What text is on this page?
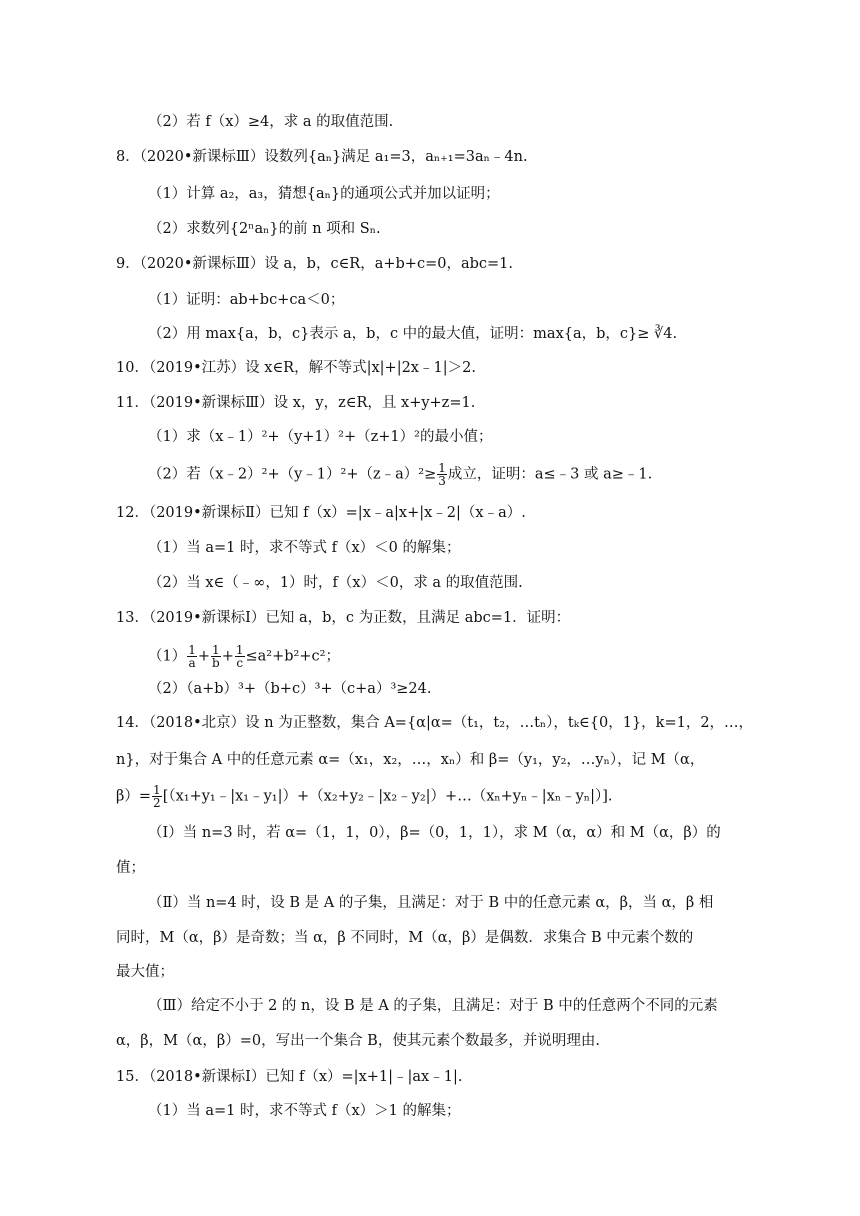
（2）若 f（x）≥4，求 a 的取值范围.
8．（2020•新课标Ⅲ）设数列{aₙ}满足 a₁=3，aₙ₊₁=3aₙ﹣4n.
（1）计算 a₂，a₃，猜想{aₙ}的通项公式并加以证明；
（2）求数列{2ⁿaₙ}的前 n 项和 Sₙ.
9．（2020•新课标Ⅲ）设 a，b，c∈R，a+b+c=0，abc=1.
（1）证明：ab+bc+ca＜0；
（2）用 max{a，b，c}表示 a，b，c 中的最大值，证明：max{a，b，c}≥ ∛4.
10．（2019•江苏）设 x∈R，解不等式|x|+|2x﹣1|＞2.
11．（2019•新课标Ⅲ）设 x，y，z∈R，且 x+y+z=1.
（1）求（x﹣1）²+（y+1）²+（z+1）²的最小值；
（2）若（x﹣2）²+（y﹣1）²+（z﹣a）²≥ $\frac{1}{3}$ 成立，证明：a≤﹣3 或 a≥﹣1.
12．（2019•新课标Ⅱ）已知 f（x）=|x﹣a|x+|x﹣2|（x﹣a）.
（1）当 a=1 时，求不等式 f（x）＜0 的解集；
（2）当 x∈（﹣∞，1）时，f（x）＜0，求 a 的取值范围.
13．（2019•新课标Ⅰ）已知 a，b，c 为正数，且满足 abc=1．证明：
$(1) \frac{1}{a} + \frac{1}{b} + \frac{1}{c} \le a^2+b^2+c^2$；
（2）（a+b）³+（b+c）³+（c+a）³≥24.
14．（2018•北京）设 n 为正整数，集合 A={α|α=（t₁，t₂，…tₙ），tₖ∈{0，1}，k=1，2，…，
n}，对于集合 A 中的任意元素 α=（x₁，x₂，…，xₙ）和 β=（y₁，y₂，…yₙ），记 M（α，
$\beta)= \frac{1}{2}$ [（x₁+y₁﹣|x₁﹣y₁|）+（x₂+y₂﹣|x₂﹣y₂|）+…（xₙ+yₙ﹣|xₙ﹣yₙ|）].
（Ⅰ）当 n=3 时，若 α=（1，1，0），β=（0，1，1），求 M（α，α）和 M（α，β）的
值；
（Ⅱ）当 n=4 时，设 B 是 A 的子集，且满足：对于 B 中的任意元素 α，β，当 α，β 相
同时，M（α，β）是奇数；当 α，β 不同时，M（α，β）是偶数．求集合 B 中元素个数的
最大值；
（Ⅲ）给定不小于 2 的 n，设 B 是 A 的子集，且满足：对于 B 中的任意两个不同的元素
α，β，M（α，β）=0，写出一个集合 B，使其元素个数最多，并说明理由.
15．（2018•新课标Ⅰ）已知 f（x）=|x+1|﹣|ax﹣1|.
（1）当 a=1 时，求不等式 f（x）＞1 的解集；
